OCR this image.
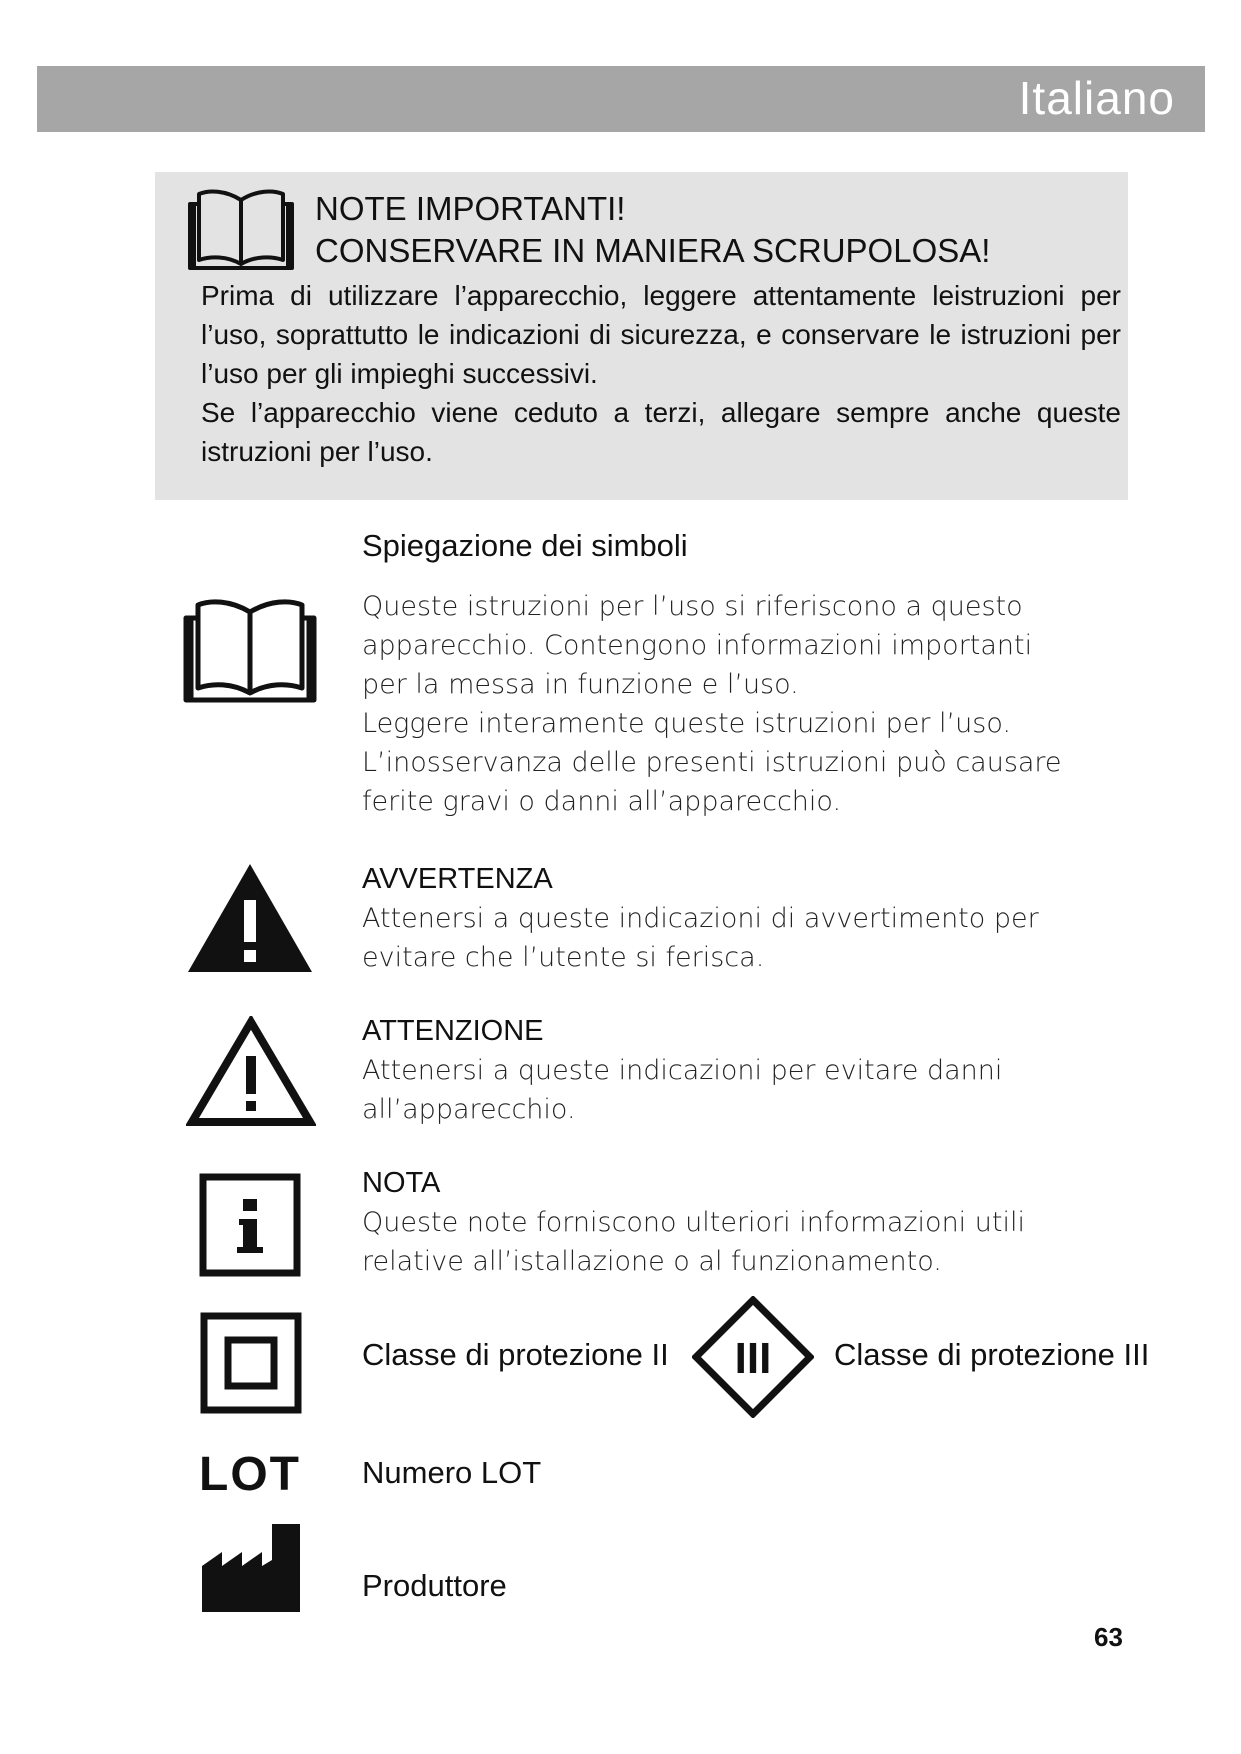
Italiano
NOTE IMPORTANTI!
CONSERVARE IN MANIERA SCRUPOLOSA!

Prima di utilizzare l’apparecchio, leggere attentamente leistruzioni per l’uso, soprattutto le indicazioni di sicurezza, e conservare le istruzioni per l’uso per gli impieghi successivi.

Se l’apparecchio viene ceduto a terzi, allegare sempre anche queste istruzioni per l’uso.

Spiegazione dei simboli

Queste istruzioni per l’uso si riferiscono a questo apparecchio. Contengono informazioni importanti per la messa in funzione e l’uso.

Leggere interamente queste istruzioni per l’uso.

L’inosservanza delle presenti istruzioni può causare ferite gravi o danni all’apparecchio.

AVVERTENZA

Attenersi a queste indicazioni di avvertimento per evitare che l’utente si ferisca.

ATTENZIONE

Attenersi a queste indicazioni per evitare danni all’apparecchio.

NOTA

Queste note forniscono ulteriori informazioni utili relative all’istallazione o al funzionamento.

Classe di protezione II III Classe di protezione III
LOT Numero LOT
Produttore
63
